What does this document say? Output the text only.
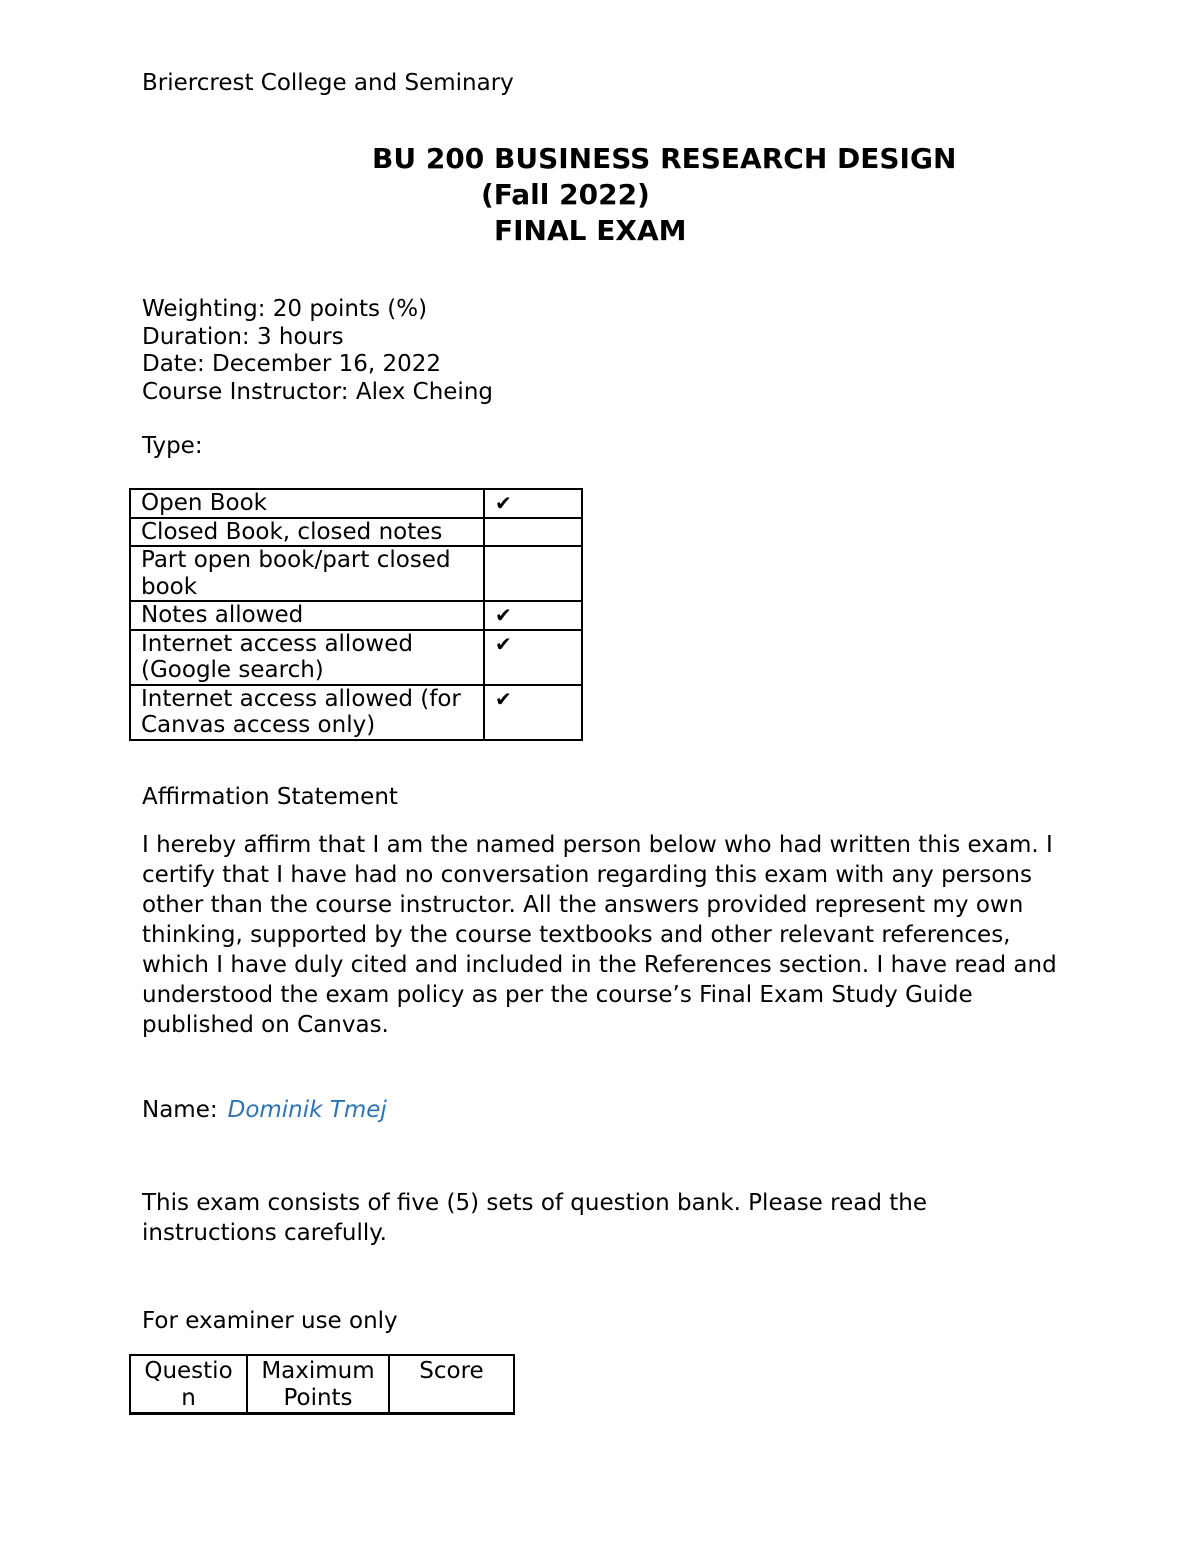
Briercrest College and Seminary
BU 200 BUSINESS RESEARCH DESIGN
(Fall 2022)
FINAL EXAM
Weighting: 20 points (%)
Duration: 3 hours
Date: December 16, 2022
Course Instructor: Alex Cheing
Type:
Open Book	✔
Closed Book, closed notes	
Part open book/part closed book	
Notes allowed	✔
Internet access allowed (Google search)	✔
Internet access allowed (for Canvas access only)	✔
Affirmation Statement
I hereby affirm that I am the named person below who had written this exam. I certify that I have had no conversation regarding this exam with any persons other than the course instructor. All the answers provided represent my own thinking, supported by the course textbooks and other relevant references, which I have duly cited and included in the References section. I have read and understood the exam policy as per the course’s Final Exam Study Guide published on Canvas.
Name: Dominik Tmej
This exam consists of five (5) sets of question bank. Please read the instructions carefully.
For examiner use only
Questio n	Maximum Points	Score
